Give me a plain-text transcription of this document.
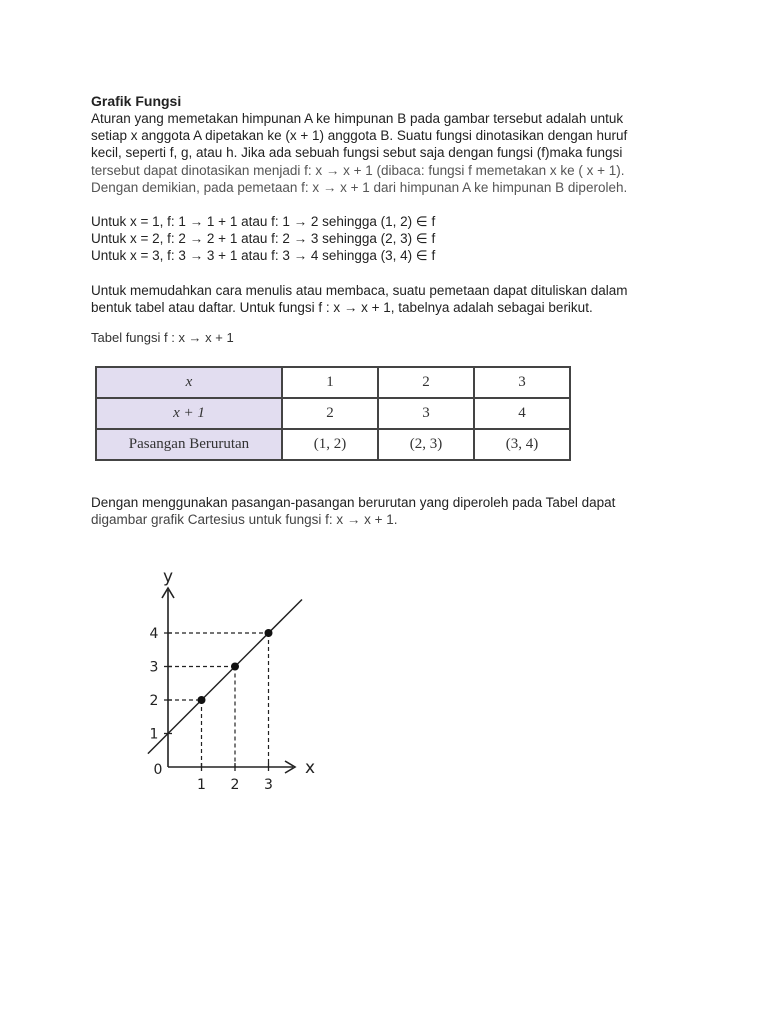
Grafik Fungsi

Aturan yang memetakan himpunan A ke himpunan B pada gambar tersebut adalah untuk
setiap x anggota A dipetakan ke (x + 1) anggota B. Suatu fungsi dinotasikan dengan huruf
kecil, seperti f, g, atau h. Jika ada sebuah fungsi sebut saja dengan fungsi (f)maka fungsi
tersebut dapat dinotasikan menjadi f: x → x + 1 (dibaca: fungsi f memetakan x ke ( x + 1).
Dengan demikian, pada pemetaan f: x → x + 1 dari himpunan A ke himpunan B diperoleh.

Untuk x = 1, f: 1 → 1 + 1 atau f: 1 → 2 sehingga (1, 2) ∈ f
Untuk x = 2, f: 2 → 2 + 1 atau f: 2 → 3 sehingga (2, 3) ∈ f
Untuk x = 3, f: 3 → 3 + 1 atau f: 3 → 4 sehingga (3, 4) ∈ f

Untuk memudahkan cara menulis atau membaca, suatu pemetaan dapat dituliskan dalam
bentuk tabel atau daftar. Untuk fungsi f : x → x + 1, tabelnya adalah sebagai berikut.

Tabel fungsi f : x → x + 1

x	1	2	3
x + 1	2	3	4
Pasangan Berurutan	(1, 2)	(2, 3)	(3, 4)

Dengan menggunakan pasangan-pasangan berurutan yang diperoleh pada Tabel dapat
digambar grafik Cartesius untuk fungsi f: x → x + 1.

x
y
0
1 2 3
1
2
3
4
